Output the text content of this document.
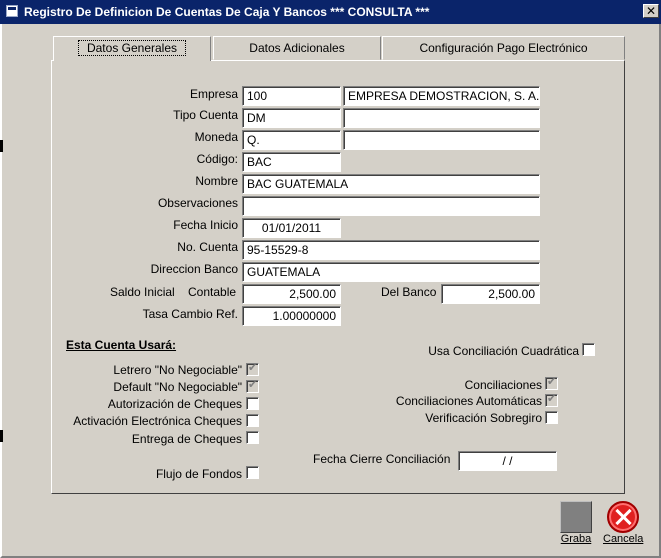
Registro De Definicion De Cuentas De Caja Y Bancos *** CONSULTA ***	✕
Datos Generales	Datos Adicionales	Configuración Pago Electrónico
Empresa 100	EMPRESA DEMOSTRACION, S. A.
Tipo Cuenta DM
Moneda Q.
Código: BAC
Nombre BAC GUATEMALA
Observaciones
Fecha Inicio	01/01/2011
No. Cuenta 95-15529-8
Direccion Banco GUATEMALA
Saldo Inicial Contable	2,500.00	Del Banco	2,500.00
Tasa Cambio Ref.	1.00000000
Esta Cuenta Usará:
Letrero "No Negociable" ✔
Default "No Negociable" ✔
Autorización de Cheques
Activación Electrónica Cheques
Entrega de Cheques
Flujo de Fondos
Usa Conciliación Cuadrática
Conciliaciones ✔
Conciliaciones Automáticas ✔
Verificación Sobregiro
Fecha Cierre Conciliación	/ /
Graba	Cancela
